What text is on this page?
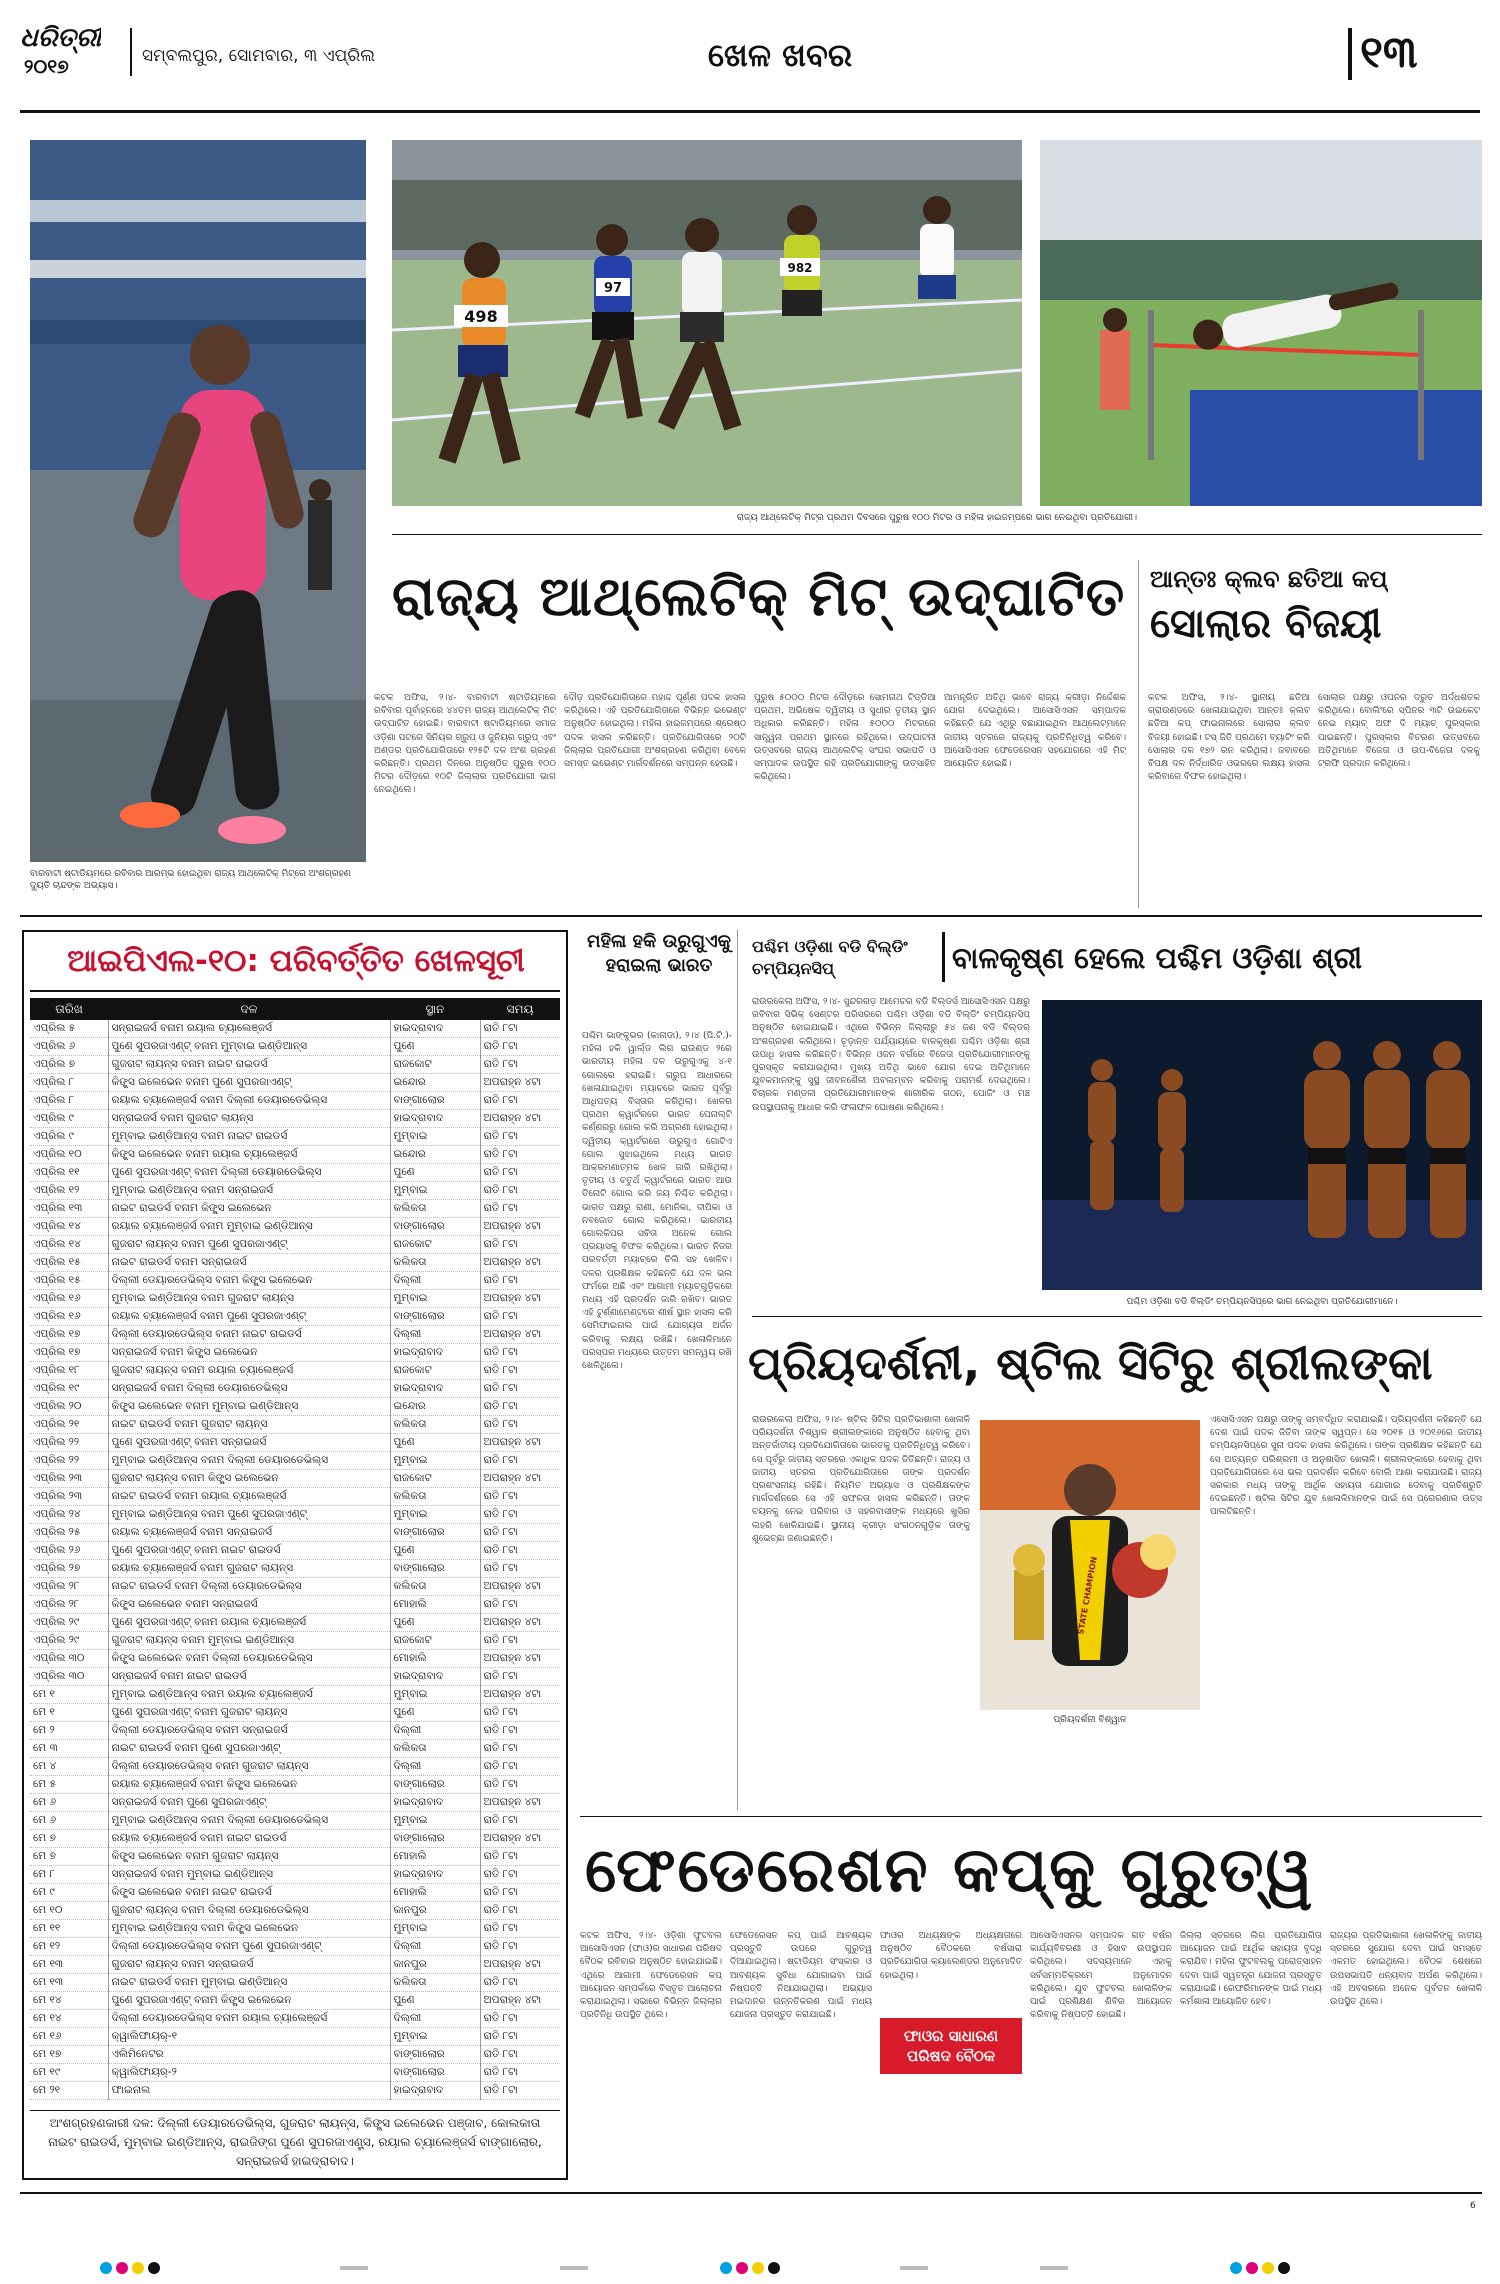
ଧରିତ୍ରୀ
୨୦୧୭	ସମ୍ବଲପୁର, ସୋମବାର, ୩ ଏପ୍ରିଲ	ଖେଳ ଖବର	୧୩
ବାରବାଟୀ ଷ୍ଟାଡିୟମରେ ରବିବାର ଆରମ୍ଭ ହୋଇଥିବା ରାଜ୍ୟ ଆଥ୍ଲେଟିକ୍ ମିଟ୍‌ରେ ଅଂଶଗ୍ରହଣ ଦ୍ୟୁତି ଚାନ୍ଦଙ୍କ ଅଭ୍ୟାସ।
498
97
982
ରାଜ୍ୟ ଆଥ୍ଲେଟିକ୍ ମିଟ୍‌ର ପ୍ରଥମ ଦିବସରେ ପୁରୁଷ ୧୦୦ ମିଟର ଓ ମହିଳା ହାଇଜମ୍ପରେ ଭାଗ ନେଇଥିବା ପ୍ରତିଯୋଗୀ।
ରାଜ୍ୟ ଆଥ୍ଲେଟିକ୍ ମିଟ୍ ଉଦ୍‌ଘାଟିତ
କଟକ ଅଫିସ, ୨।୪- ବାରବାଟୀ ଷ୍ଟାଡିୟମରେ ରବିବାର ପୂର୍ବାହ୍ନରେ ୪୪ତମ ରାଜ୍ୟ ଆଥ୍ଲେଟିକ୍ ମିଟ୍ ଉଦ୍‌ଘାଟିତ ହୋଇଛି। ବାରବାଟୀ ଷ୍ଟାଡିୟମରେ ସମାଜ ଓଡ଼ିଶା ପଟରେ ସିନିୟର ଗ୍ରୁପ୍ ଓ ଜୁନିୟର ଗ୍ରୁପ୍ ଏବଂ ଅଣ୍ଡର ପ୍ରତିଯୋଗିତାରେ ୧୨୫ଟି ଦଳ ଅଂଶ ଗ୍ରହଣ କରିଛନ୍ତି। ପ୍ରଥମ ଦିନରେ ଅନୁଷ୍ଠିତ ପୁରୁଷ ୧୦୦ ମିଟର ଦୌଡ଼ରେ ୧୦ଟି ଜିଲ୍ଲାର ପ୍ରତିଯୋଗୀ ଭାଗ ନେଇଥିଲେ।
ଦୌଡ଼ ପ୍ରତିଯୋଗିତାରେ ମହାଦ୍ଦ ପୂର୍ଣ୍ଣ ପଦକ ହାସଲ କରିଥିଲେ। ଏହି ପ୍ରତିଯୋଗିତାରେ ବିଭିନ୍ନ ଇଭେଣ୍ଟ ଅନୁଷ୍ଠିତ ହୋଇଥିଲା। ମହିଳା ହାଇଜମ୍ପରେ ଶ୍ରେଷ୍ଠ ପଦକ ହାସଲ କରିଛନ୍ତି। ପ୍ରତିଯୋଗିତାରେ ୨୦ଟି ଜିଲ୍ଲାର ପ୍ରତିଯୋଗୀ ଅଂଶଗ୍ରହଣ କରିଥିବା ବେଳେ ସମସ୍ତ ଇଭେଣ୍ଟ ମାର୍ଗଦର୍ଶନରେ ସମ୍ପନ୍ନ ହେଉଛି।
ପୁରୁଷ ୫୦୦୦ ମିଟର ଦୌଡ଼ରେ ସୋମନାଥ ଟିଡ୍ଡିଆ ପ୍ରଥମ, ଅଭିଷେକ ଦ୍ୱିତୀୟ ଓ ସୁଧୀର ତୃତୀୟ ସ୍ଥାନ ଅଧିକାର କରିଛନ୍ତି। ମହିଳା ୫୦୦୦ ମିଟରରେ ସାନ୍ତ୍ୱନା ପ୍ରଥମ ସ୍ଥାନରେ ରହିଥିଲେ। ଉଦ୍‌ଘାଟନୀ ଉତ୍ସବରେ ରାଜ୍ୟ ଆଥ୍ଲେଟିକ୍ ସଂଘର ସଭାପତି ଓ ସମ୍ପାଦକ ଉପସ୍ଥିତ ରହି ପ୍ରତିଯୋଗୀଙ୍କୁ ଉତ୍ସାହିତ କରିଥିଲେ।
ଆମନ୍ତ୍ରିତ ଅତିଥି ଭାବେ ରାଜ୍ୟ କ୍ରୀଡ଼ା ନିର୍ଦ୍ଦେଶକ ଯୋଗ ଦେଇଥିଲେ। ଆସୋସିଏସନ ସମ୍ପାଦକ କହିଛନ୍ତି ଯେ ଏଥିରୁ ବଛାଯାଇଥିବା ଆଥ୍ଲେଟ୍‌ମାନେ ଜାତୀୟ ସ୍ତରରେ ରାଜ୍ୟକୁ ପ୍ରତିନିଧିତ୍ୱ କରିବେ। ଆସୋସିଏସନ ଫେଡେରେସନ ସହଯୋଗରେ ଏହି ମିଟ୍ ଆୟୋଜିତ ହୋଇଛି।
ଆନ୍ତଃ କ୍ଲବ ଛତିଆ କପ୍
ସୋଲାର ବିଜୟୀ
କଟକ ଅଫିସ, ୨।୪- ସ୍ଥାନୀୟ ଛତିଆ ଗ୍ରାଉଣ୍ଡରେ ଖେଳାଯାଇଥିବା ଆନ୍ତଃ କ୍ଲବ ଛତିଆ କପ୍ ଫାଇନାଲରେ ସୋଲାର କ୍ଲବ ବିଜୟୀ ହୋଇଛି। ଟସ୍ ଜିତି ପ୍ରଥମେ ବ୍ୟାଟିଂ କରି ସୋଲାର ଦଳ ୧୭୨ ରନ କରିଥିଲା। ଜବାବରେ ବିପକ୍ଷ ଦଳ ନିର୍ଦ୍ଧାରିତ ଓଭରରେ ଲକ୍ଷ୍ୟ ହାସଲ କରିବାରେ ବିଫଳ ହୋଇଥିଲା।
ସୋଲାର ପକ୍ଷରୁ ଓପନର ଦ୍ରୁତ ଅର୍ଦ୍ଧଶତକ କରିଥିଲେ। ବୋଲିଂରେ ସ୍ପିନର ୩ଟି ଉଇକେଟ ନେଇ ମ୍ୟାଚ୍ ଅଫ ଦି ମ୍ୟାଚ୍ ପୁରସ୍କାର ପାଇଛନ୍ତି। ପୁରସ୍କାର ବିତରଣ ଉତ୍ସବରେ ଅତିଥିମାନେ ବିଜେତା ଓ ଉପ-ବିଜେତା ଦଳକୁ ଟ୍ରଫି ପ୍ରଦାନ କରିଥିଲେ।
ଆଇପିଏଲ-୧୦: ପରିବର୍ତ୍ତିତ ଖେଳସୂଚୀ
ତାରିଖ	ଦଳ	ସ୍ଥାନ	ସମୟ
ଏପ୍ରିଲ ୫	ସନ୍‌ରାଇଜର୍ସ ବନାମ ରୟାଲ ଚ୍ୟାଲେଞ୍ଜର୍ସ	ହାଇଦ୍ରାବାଦ	ରାତି ୮ଟା
ଏପ୍ରିଲ ୬	ପୁଣେ ସୁପରଜାଏଣ୍ଟ୍ ବନାମ ମୁମ୍ବାଇ ଇଣ୍ଡିଆନ୍ସ	ପୁଣେ	ରାତି ୮ଟା
ଏପ୍ରିଲ ୭	ଗୁଜରାଟ ଲାୟନ୍ସ ବନାମ ନାଇଟ ରାଇଡର୍ସ	ରାଜକୋଟ	ରାତି ୮ଟା
ଏପ୍ରିଲ ୮	କିଙ୍ଗ୍ସ ଇଲେଭେନ ବନାମ ପୁଣେ ସୁପରଜାଏଣ୍ଟ୍	ଇନ୍ଦୋର	ଅପରାହ୍ନ ୪ଟା
ଏପ୍ରିଲ ୮	ରୟାଲ ଚ୍ୟାଲେଞ୍ଜର୍ସ ବନାମ ଦିଲ୍ଲୀ ଡେୟାରଡେଭିଲ୍ସ	ବାଙ୍ଗାଲୋର	ରାତି ୮ଟା
ଏପ୍ରିଲ ୯	ସନ୍‌ରାଇଜର୍ସ ବନାମ ଗୁଜରାଟ ଲାୟନ୍ସ	ହାଇଦ୍ରାବାଦ	ଅପରାହ୍ନ ୪ଟା
ଏପ୍ରିଲ ୯	ମୁମ୍ବାଇ ଇଣ୍ଡିଆନ୍ସ ବନାମ ନାଇଟ ରାଇଡର୍ସ	ମୁମ୍ବାଇ	ରାତି ୮ଟା
ଏପ୍ରିଲ ୧୦	କିଙ୍ଗ୍ସ ଇଲେଭେନ ବନାମ ରୟାଲ ଚ୍ୟାଲେଞ୍ଜର୍ସ	ଇନ୍ଦୋର	ରାତି ୮ଟା
ଏପ୍ରିଲ ୧୧	ପୁଣେ ସୁପରଜାଏଣ୍ଟ୍ ବନାମ ଦିଲ୍ଲୀ ଡେୟାରଡେଭିଲ୍ସ	ପୁଣେ	ରାତି ୮ଟା
ଏପ୍ରିଲ ୧୨	ମୁମ୍ବାଇ ଇଣ୍ଡିଆନ୍ସ ବନାମ ସନ୍‌ରାଇଜର୍ସ	ମୁମ୍ବାଇ	ରାତି ୮ଟା
ଏପ୍ରିଲ ୧୩	ନାଇଟ ରାଇଡର୍ସ ବନାମ କିଙ୍ଗ୍ସ ଇଲେଭେନ	କଲିକତା	ରାତି ୮ଟା
ଏପ୍ରିଲ ୧୪	ରୟାଲ ଚ୍ୟାଲେଞ୍ଜର୍ସ ବନାମ ମୁମ୍ବାଇ ଇଣ୍ଡିଆନ୍ସ	ବାଙ୍ଗାଲୋର	ଅପରାହ୍ନ ୪ଟା
ଏପ୍ରିଲ ୧୪	ଗୁଜରାଟ ଲାୟନ୍ସ ବନାମ ପୁଣେ ସୁପରଜାଏଣ୍ଟ୍	ରାଜକୋଟ	ରାତି ୮ଟା
ଏପ୍ରିଲ ୧୫	ନାଇଟ ରାଇଡର୍ସ ବନାମ ସନ୍‌ରାଇଜର୍ସ	କଲିକତା	ଅପରାହ୍ନ ୪ଟା
ଏପ୍ରିଲ ୧୫	ଦିଲ୍ଲୀ ଡେୟାରଡେଭିଲ୍ସ ବନାମ କିଙ୍ଗ୍ସ ଇଲେଭେନ	ଦିଲ୍ଲୀ	ରାତି ୮ଟା
ଏପ୍ରିଲ ୧୬	ମୁମ୍ବାଇ ଇଣ୍ଡିଆନ୍ସ ବନାମ ଗୁଜରାଟ ଲାୟନ୍ସ	ମୁମ୍ବାଇ	ଅପରାହ୍ନ ୪ଟା
ଏପ୍ରିଲ ୧୬	ରୟାଲ ଚ୍ୟାଲେଞ୍ଜର୍ସ ବନାମ ପୁଣେ ସୁପରଜାଏଣ୍ଟ୍	ବାଙ୍ଗାଲୋର	ରାତି ୮ଟା
ଏପ୍ରିଲ ୧୭	ଦିଲ୍ଲୀ ଡେୟାରଡେଭିଲ୍ସ ବନାମ ନାଇଟ ରାଇଡର୍ସ	ଦିଲ୍ଲୀ	ଅପରାହ୍ନ ୪ଟା
ଏପ୍ରିଲ ୧୭	ସନ୍‌ରାଇଜର୍ସ ବନାମ କିଙ୍ଗ୍ସ ଇଲେଭେନ	ହାଇଦ୍ରାବାଦ	ରାତି ୮ଟା
ଏପ୍ରିଲ ୧୮	ଗୁଜରାଟ ଲାୟନ୍ସ ବନାମ ରୟାଲ ଚ୍ୟାଲେଞ୍ଜର୍ସ	ରାଜକୋଟ	ରାତି ୮ଟା
ଏପ୍ରିଲ ୧୯	ସନ୍‌ରାଇଜର୍ସ ବନାମ ଦିଲ୍ଲୀ ଡେୟାରଡେଭିଲ୍ସ	ହାଇଦ୍ରାବାଦ	ରାତି ୮ଟା
ଏପ୍ରିଲ ୨୦	କିଙ୍ଗ୍ସ ଇଲେଭେନ ବନାମ ମୁମ୍ବାଇ ଇଣ୍ଡିଆନ୍ସ	ଇନ୍ଦୋର	ରାତି ୮ଟା
ଏପ୍ରିଲ ୨୧	ନାଇଟ ରାଇଡର୍ସ ବନାମ ଗୁଜରାଟ ଲାୟନ୍ସ	କଲିକତା	ରାତି ୮ଟା
ଏପ୍ରିଲ ୨୨	ପୁଣେ ସୁପରଜାଏଣ୍ଟ୍ ବନାମ ସନ୍‌ରାଇଜର୍ସ	ପୁଣେ	ଅପରାହ୍ନ ୪ଟା
ଏପ୍ରିଲ ୨୨	ମୁମ୍ବାଇ ଇଣ୍ଡିଆନ୍ସ ବନାମ ଦିଲ୍ଲୀ ଡେୟାରଡେଭିଲ୍ସ	ମୁମ୍ବାଇ	ରାତି ୮ଟା
ଏପ୍ରିଲ ୨୩	ଗୁଜରାଟ ଲାୟନ୍ସ ବନାମ କିଙ୍ଗ୍ସ ଇଲେଭେନ	ରାଜକୋଟ	ଅପରାହ୍ନ ୪ଟା
ଏପ୍ରିଲ ୨୩	ନାଇଟ ରାଇଡର୍ସ ବନାମ ରୟାଲ ଚ୍ୟାଲେଞ୍ଜର୍ସ	କଲିକତା	ରାତି ୮ଟା
ଏପ୍ରିଲ ୨୪	ମୁମ୍ବାଇ ଇଣ୍ଡିଆନ୍ସ ବନାମ ପୁଣେ ସୁପରଜାଏଣ୍ଟ୍	ମୁମ୍ବାଇ	ରାତି ୮ଟା
ଏପ୍ରିଲ ୨୫	ରୟାଲ ଚ୍ୟାଲେଞ୍ଜର୍ସ ବନାମ ସନ୍‌ରାଇଜର୍ସ	ବାଙ୍ଗାଲୋର	ରାତି ୮ଟା
ଏପ୍ରିଲ ୨୬	ପୁଣେ ସୁପରଜାଏଣ୍ଟ୍ ବନାମ ନାଇଟ ରାଇଡର୍ସ	ପୁଣେ	ରାତି ୮ଟା
ଏପ୍ରିଲ ୨୭	ରୟାଲ ଚ୍ୟାଲେଞ୍ଜର୍ସ ବନାମ ଗୁଜରାଟ ଲାୟନ୍ସ	ବାଙ୍ଗାଲୋର	ରାତି ୮ଟା
ଏପ୍ରିଲ ୨୮	ନାଇଟ ରାଇଡର୍ସ ବନାମ ଦିଲ୍ଲୀ ଡେୟାରଡେଭିଲ୍ସ	କଲିକତା	ଅପରାହ୍ନ ୪ଟା
ଏପ୍ରିଲ ୨୮	କିଙ୍ଗ୍ସ ଇଲେଭେନ ବନାମ ସନ୍‌ରାଇଜର୍ସ	ମୋହାଲି	ରାତି ୮ଟା
ଏପ୍ରିଲ ୨୯	ପୁଣେ ସୁପରଜାଏଣ୍ଟ୍ ବନାମ ରୟାଲ ଚ୍ୟାଲେଞ୍ଜର୍ସ	ପୁଣେ	ଅପରାହ୍ନ ୪ଟା
ଏପ୍ରିଲ ୨୯	ଗୁଜରାଟ ଲାୟନ୍ସ ବନାମ ମୁମ୍ବାଇ ଇଣ୍ଡିଆନ୍ସ	ରାଜକୋଟ	ରାତି ୮ଟା
ଏପ୍ରିଲ ୩୦	କିଙ୍ଗ୍ସ ଇଲେଭେନ ବନାମ ଦିଲ୍ଲୀ ଡେୟାରଡେଭିଲ୍ସ	ମୋହାଲି	ଅପରାହ୍ନ ୪ଟା
ଏପ୍ରିଲ ୩୦	ସନ୍‌ରାଇଜର୍ସ ବନାମ ନାଇଟ ରାଇଡର୍ସ	ହାଇଦ୍ରାବାଦ	ରାତି ୮ଟା
ମେ ୧	ମୁମ୍ବାଇ ଇଣ୍ଡିଆନ୍ସ ବନାମ ରୟାଲ ଚ୍ୟାଲେଞ୍ଜର୍ସ	ମୁମ୍ବାଇ	ଅପରାହ୍ନ ୪ଟା
ମେ ୧	ପୁଣେ ସୁପରଜାଏଣ୍ଟ୍ ବନାମ ଗୁଜରାଟ ଲାୟନ୍ସ	ପୁଣେ	ରାତି ୮ଟା
ମେ ୨	ଦିଲ୍ଲୀ ଡେୟାରଡେଭିଲ୍ସ ବନାମ ସନ୍‌ରାଇଜର୍ସ	ଦିଲ୍ଲୀ	ରାତି ୮ଟା
ମେ ୩	ନାଇଟ ରାଇଡର୍ସ ବନାମ ପୁଣେ ସୁପରଜାଏଣ୍ଟ୍	କଲିକତା	ରାତି ୮ଟା
ମେ ୪	ଦିଲ୍ଲୀ ଡେୟାରଡେଭିଲ୍ସ ବନାମ ଗୁଜରାଟ ଲାୟନ୍ସ	ଦିଲ୍ଲୀ	ରାତି ୮ଟା
ମେ ୫	ରୟାଲ ଚ୍ୟାଲେଞ୍ଜର୍ସ ବନାମ କିଙ୍ଗ୍ସ ଇଲେଭେନ	ବାଙ୍ଗାଲୋର	ରାତି ୮ଟା
ମେ ୬	ସନ୍‌ରାଇଜର୍ସ ବନାମ ପୁଣେ ସୁପରଜାଏଣ୍ଟ୍	ହାଇଦ୍ରାବାଦ	ଅପରାହ୍ନ ୪ଟା
ମେ ୬	ମୁମ୍ବାଇ ଇଣ୍ଡିଆନ୍ସ ବନାମ ଦିଲ୍ଲୀ ଡେୟାରଡେଭିଲ୍ସ	ମୁମ୍ବାଇ	ରାତି ୮ଟା
ମେ ୭	ରୟାଲ ଚ୍ୟାଲେଞ୍ଜର୍ସ ବନାମ ନାଇଟ ରାଇଡର୍ସ	ବାଙ୍ଗାଲୋର	ଅପରାହ୍ନ ୪ଟା
ମେ ୭	କିଙ୍ଗ୍ସ ଇଲେଭେନ ବନାମ ଗୁଜରାଟ ଲାୟନ୍ସ	ମୋହାଲି	ରାତି ୮ଟା
ମେ ୮	ସନ୍‌ରାଇଜର୍ସ ବନାମ ମୁମ୍ବାଇ ଇଣ୍ଡିଆନ୍ସ	ହାଇଦ୍ରାବାଦ	ରାତି ୮ଟା
ମେ ୯	କିଙ୍ଗ୍ସ ଇଲେଭେନ ବନାମ ନାଇଟ ରାଇଡର୍ସ	ମୋହାଲି	ରାତି ୮ଟା
ମେ ୧୦	ଗୁଜରାଟ ଲାୟନ୍ସ ବନାମ ଦିଲ୍ଲୀ ଡେୟାରଡେଭିଲ୍ସ	କାନପୁର	ରାତି ୮ଟା
ମେ ୧୧	ମୁମ୍ବାଇ ଇଣ୍ଡିଆନ୍ସ ବନାମ କିଙ୍ଗ୍ସ ଇଲେଭେନ	ମୁମ୍ବାଇ	ରାତି ୮ଟା
ମେ ୧୨	ଦିଲ୍ଲୀ ଡେୟାରଡେଭିଲ୍ସ ବନାମ ପୁଣେ ସୁପରଜାଏଣ୍ଟ୍	ଦିଲ୍ଲୀ	ରାତି ୮ଟା
ମେ ୧୩	ଗୁଜରାଟ ଲାୟନ୍ସ ବନାମ ସନ୍‌ରାଇଜର୍ସ	କାନପୁର	ଅପରାହ୍ନ ୪ଟା
ମେ ୧୩	ନାଇଟ ରାଇଡର୍ସ ବନାମ ମୁମ୍ବାଇ ଇଣ୍ଡିଆନ୍ସ	କଲିକତା	ରାତି ୮ଟା
ମେ ୧୪	ପୁଣେ ସୁପରଜାଏଣ୍ଟ୍ ବନାମ କିଙ୍ଗ୍ସ ଇଲେଭେନ	ପୁଣେ	ଅପରାହ୍ନ ୪ଟା
ମେ ୧୪	ଦିଲ୍ଲୀ ଡେୟାରଡେଭିଲ୍ସ ବନାମ ରୟାଲ ଚ୍ୟାଲେଞ୍ଜର୍ସ	ଦିଲ୍ଲୀ	ରାତି ୮ଟା
ମେ ୧୬	କ୍ୱାଲିଫାୟର୍-୧	ମୁମ୍ବାଇ	ରାତି ୮ଟା
ମେ ୧୭	ଏଲିମିନେଟର	ବାଙ୍ଗାଲୋର	ରାତି ୮ଟା
ମେ ୧୯	କ୍ୱାଲିଫାୟର୍-୨	ବାଙ୍ଗାଲୋର	ରାତି ୮ଟା
ମେ ୨୧	ଫାଇନାଲ	ହାଇଦ୍ରାବାଦ	ରାତି ୮ଟା
ଅଂଶଗ୍ରହଣକାରୀ ଦଳ: ଦିଲ୍ଲୀ ଡେୟାରଡେଭିଲ୍ସ, ଗୁଜରାଟ ଲାୟନ୍ସ, କିଙ୍ଗ୍ସ ଇଲେଭେନ ପଞ୍ଜାବ, କୋଲକାତା ନାଇଟ ରାଇଡର୍ସ, ମୁମ୍ବାଇ ଇଣ୍ଡିଆନ୍ସ, ରାଇଜିଙ୍ଗ ପୁଣେ ସୁପରଜାଏଣ୍ଟ୍ସ, ରୟାଲ ଚ୍ୟାଲେଞ୍ଜର୍ସ ବାଙ୍ଗାଲୋର, ସନ୍‌ରାଇଜର୍ସ ହାଇଦ୍ରାବାଦ।
ମହିଳା ହକି ଉରୁଗୁଏକୁ ହରାଇଲା ଭାରତ
ପଶ୍ଚିମ ଭାଙ୍କୁଭର (କାନାଡା), ୨।୪ (ପି.ଟି.)- ମହିଳା ହକି ୱାର୍ଲ୍ଡ ଲିଗ ରାଉଣ୍ଡ ୨ରେ ଭାରତୀୟ ମହିଳା ଦଳ ଉରୁଗୁଏକୁ ୪-୧ ଗୋଲରେ ହରାଇଛି। ଗ୍ରୁପ ଆଧାରରେ ଖେଳାଯାଇଥିବା ମ୍ୟାଚରେ ଭାରତ ପୂର୍ବରୁ ଆଧିପତ୍ୟ ବିସ୍ତାର କରିଥିଲା। ଖେଳର ପ୍ରଥମ କ୍ୱାର୍ଟରରେ ଭାରତ ପେନାଲ୍ଟି କର୍ଣ୍ଣରରୁ ଗୋଲ କରି ଅଗ୍ରଣୀ ହୋଇଥିଲା। ଦ୍ୱିତୀୟ କ୍ୱାର୍ଟରରେ ଉରୁଗୁଏ ଗୋଟିଏ ଗୋଲ ସୁଝାଇଥିଲେ ମଧ୍ୟ ଭାରତ ଆକ୍ରମଣାତ୍ମକ ଖେଳ ଜାରି ରଖିଥିଲା। ତୃତୀୟ ଓ ଚତୁର୍ଥ କ୍ୱାର୍ଟରରେ ଭାରତ ଆଉ ତିନୋଟି ଗୋଲ କରି ଜୟ ନିଶ୍ଚିତ କରିଥିଲା। ଭାରତ ପକ୍ଷରୁ ରାଣୀ, ମୋନିକା, ଦୀପିକା ଓ ନବଜୋତ ଗୋଲ କରିଥିଲେ। ଭାରତୀୟ ଗୋଲକିପର ସବିତା ଅନେକ ଗୋଲ ପ୍ରୟାସକୁ ବିଫଳ କରିଥିଲେ। ଭାରତ ନିଜର ପରବର୍ତ୍ତୀ ମ୍ୟାଚ୍‌ରେ ଚିଲି ସହ ଖେଳିବ। ଦଳର ପ୍ରଶିକ୍ଷକ କହିଛନ୍ତି ଯେ ଦଳ ଭଲ ଫର୍ମରେ ଅଛି ଏବଂ ଆଗାମୀ ମ୍ୟାଚ୍‌ଗୁଡ଼ିକରେ ମଧ୍ୟ ଏହି ପ୍ରଦର୍ଶନ ଜାରି ରଖିବ। ଭାରତ ଏହି ଟୁର୍ଣ୍ଣାମେଣ୍ଟରେ ଶୀର୍ଷ ସ୍ଥାନ ହାସଲ କରି ସେମିଫାଇନାଲ ପାଇଁ ଯୋଗ୍ୟତା ଅର୍ଜନ କରିବାକୁ ଲକ୍ଷ୍ୟ ରଖିଛି। ଖେଳାଳିମାନେ ପରସ୍ପର ମଧ୍ୟରେ ଉତ୍ତମ ସମନ୍ୱୟ ରଖି ଖେଳିଥିଲେ।
ପଶ୍ଚିମ ଓଡ଼ିଶା ବଡି ବିଲ୍ଡିଂ ଚମ୍ପିୟନସିପ୍	ବାଳକୃଷ୍ଣ ହେଲେ ପଶ୍ଚିମ ଓଡ଼ିଶା ଶ୍ରୀ
ରାଉରକେଲା ଅଫିସ, ୨।୪- ସୁନ୍ଦରଗଡ଼ ଆମେଚର ବଡି ବିଲ୍ଡର୍ସ ଆସୋସିଏସନ ପକ୍ଷରୁ ରବିବାର ସିଭିକ୍ ସେଣ୍ଟର ପରିସରରେ ପଶ୍ଚିମ ଓଡ଼ିଶା ବଡି ବିଲ୍ଡିଂ ଚମ୍ପିୟନସିପ୍ ଅନୁଷ୍ଠିତ ହୋଇଯାଇଛି। ଏଥିରେ ବିଭିନ୍ନ ଜିଲ୍ଲାରୁ ୫୪ ଜଣ ବଡି ବିଲ୍ଡର୍ ଅଂଶଗ୍ରହଣ କରିଥିଲେ। ଚୂଡ଼ାନ୍ତ ପର୍ଯ୍ୟାୟରେ ବାଳକୃଷ୍ଣ ପଶ୍ଚିମ ଓଡ଼ିଶା ଶ୍ରୀ ଉପାଧି ହାସଲ କରିଛନ୍ତି। ବିଭିନ୍ନ ଓଜନ ବର୍ଗରେ ବିଜେତା ପ୍ରତିଯୋଗୀମାନଙ୍କୁ ପୁରସ୍କୃତ କରାଯାଇଥିଲା। ମୁଖ୍ୟ ଅତିଥି ଭାବେ ଯୋଗ ଦେଇ ଅତିଥିମାନେ ଯୁବକମାନଙ୍କୁ ସୁସ୍ଥ ଜୀବନଶୈଳୀ ଅବଲମ୍ବନ କରିବାକୁ ପରାମର୍ଶ ଦେଇଥିଲେ। ବିଚାରକ ମଣ୍ଡଳୀ ପ୍ରତିଯୋଗୀମାନଙ୍କ ଶାରୀରିକ ଗଠନ, ପୋଜିଂ ଓ ମଞ୍ଚ ଉପସ୍ଥାପନାକୁ ଆଧାର କରି ଫଳାଫଳ ଘୋଷଣା କରିଥିଲେ।
ପଶ୍ଚିମ ଓଡ଼ିଶା ବଡି ବିଲ୍ଡିଂ ଚମ୍ପିୟନସିପ୍‌ରେ ଭାଗ ନେଇଥିବା ପ୍ରତିଯୋଗୀମାନେ।
ପ୍ରିୟଦର୍ଶନୀ, ଷ୍ଟିଲ ସିଟିରୁ ଶ୍ରୀଲଙ୍କା
ରାଉରକେଲା ଅଫିସ, ୨।୪- ଷ୍ଟିଲ ସିଟିର ପ୍ରତିଭାଶାଳୀ ଖେଳାଳି ପ୍ରିୟଦର୍ଶନୀ ବିଶ୍ୱାଳ ଶ୍ରୀଲଙ୍କାରେ ଅନୁଷ୍ଠିତ ହେବାକୁ ଥିବା ଅନ୍ତର୍ଜାତୀୟ ପ୍ରତିଯୋଗିତାରେ ଭାରତକୁ ପ୍ରତିନିଧିତ୍ୱ କରିବେ। ସେ ପୂର୍ବରୁ ଜାତୀୟ ସ୍ତରରେ ଏକାଧିକ ପଦକ ଜିତିଛନ୍ତି। ରାଜ୍ୟ ଓ ଜାତୀୟ ସ୍ତରର ପ୍ରତିଯୋଗିତାରେ ତାଙ୍କ ପ୍ରଦର୍ଶନ ପ୍ରଶଂସନୀୟ ରହିଛି। ନିୟମିତ ଅଭ୍ୟାସ ଓ ପ୍ରଶିକ୍ଷକଙ୍କ ମାର୍ଗଦର୍ଶନରେ ସେ ଏହି ସଫଳତା ହାସଲ କରିଛନ୍ତି। ତାଙ୍କ ଚୟନକୁ ନେଇ ପରିବାର ଓ ସହରବାସୀଙ୍କ ମଧ୍ୟରେ ଖୁସିର ଲହରି ଖେଳିଯାଇଛି। ସ୍ଥାନୀୟ କ୍ରୀଡ଼ା ସଂଗଠନଗୁଡ଼ିକ ତାଙ୍କୁ ଶୁଭେଚ୍ଛା ଜଣାଇଛନ୍ତି।
STATE CHAMPION
ପ୍ରିୟଦର୍ଶନୀ ବିଶ୍ୱାଳ
ଏସୋସିଏସନ ପକ୍ଷରୁ ତାଙ୍କୁ ସମ୍ବର୍ଦ୍ଧିତ କରାଯାଇଛି। ପ୍ରିୟଦର୍ଶନୀ କହିଛନ୍ତି ଯେ ଦେଶ ପାଇଁ ପଦକ ଜିତିବା ତାଙ୍କ ସ୍ୱପ୍ନ। ସେ ୨୦୧୫ ଓ ୨୦୧୬ରେ ଜାତୀୟ ଚମ୍ପିୟନସିପ୍‌ରେ ସୁନା ପଦକ ହାସଲ କରିଥିଲେ। ତାଙ୍କ ପ୍ରଶିକ୍ଷକ କହିଛନ୍ତି ଯେ ସେ ଅତ୍ୟନ୍ତ ପରିଶ୍ରମୀ ଓ ଅନୁଶାସିତ ଖେଳାଳି। ଶ୍ରୀଲଙ୍କାରେ ହେବାକୁ ଥିବା ପ୍ରତିଯୋଗିତାରେ ସେ ଭଲ ପ୍ରଦର୍ଶନ କରିବେ ବୋଲି ଆଶା କରାଯାଉଛି। ରାଜ୍ୟ ସରକାର ମଧ୍ୟ ତାଙ୍କୁ ଆର୍ଥିକ ସହାୟତା ଯୋଗାଇ ଦେବାକୁ ପ୍ରତିଶ୍ରୁତି ଦେଇଛନ୍ତି। ଷ୍ଟିଲ ସିଟିର ଯୁବ ଖେଳାଳିମାନଙ୍କ ପାଇଁ ସେ ପ୍ରେରଣାର ଉତ୍ସ ପାଲଟିଛନ୍ତି।
ଫେଡେରେଶନ କପ୍‌କୁ ଗୁରୁତ୍ୱ
କଟକ ଅଫିସ, ୨।୪- ଓଡ଼ିଶା ଫୁଟବଲ ଆସୋସିଏସନ (ଫାଓ)ର ସାଧାରଣ ପରିଷଦ ବୈଠକ ରବିବାର ଅନୁଷ୍ଠିତ ହୋଇଯାଇଛି। ଏଥିରେ ଆଗାମୀ ଫେଡେରେସନ କପ୍ ଆୟୋଜନ ସମ୍ପର୍କରେ ବିସ୍ତୃତ ଆଲୋଚନା କରାଯାଇଥିଲା। ସଭାରେ ବିଭିନ୍ନ ଜିଲ୍ଲାର ପ୍ରତିନିଧି ଉପସ୍ଥିତ ଥିଲେ।
ଫେଡେରେସନ କପ୍ ପାଇଁ ଆବଶ୍ୟକ ପ୍ରସ୍ତୁତି ଉପରେ ଗୁରୁତ୍ୱ ଦିଆଯାଇଥିଲା। ଷ୍ଟାଡିୟମ ସଂସ୍କାର ଓ ଆବଶ୍ୟକ ସୁବିଧା ଯୋଗାଇବା ପାଇଁ ନିଷ୍ପତ୍ତି ନିଆଯାଇଥିଲା। ଅଭ୍ୟାସ ମଇଦାନର ଉନ୍ନତିକରଣ ପାଇଁ ମଧ୍ୟ ଯୋଜନା ପ୍ରସ୍ତୁତ କରାଯାଇଛି।
ଫାଓର ଅଧ୍ୟକ୍ଷଙ୍କ ଅଧ୍ୟକ୍ଷତାରେ ଅନୁଷ୍ଠିତ ବୈଠକରେ ବର୍ଷସାରା ପ୍ରତିଯୋଗିତା କ୍ୟାଲେଣ୍ଡର ଅନୁମୋଦିତ ହୋଇଥିଲା।
ଫାଓର ସାଧାରଣ ପରିଷଦ ବୈଠକ
ଆସୋସିଏସନର ସମ୍ପାଦକ ଗତ ବର୍ଷର କାର୍ଯ୍ୟବିବରଣୀ ଓ ହିସାବ ଉପସ୍ଥାପନ କରିଥିଲେ। ସଦସ୍ୟମାନେ ଏହାକୁ ସର୍ବସମ୍ମତିକ୍ରମେ ଅନୁମୋଦନ କରିଥିଲେ। ଯୁବ ଫୁଟବଲ ଖେଳାଳିଙ୍କ ପାଇଁ ପ୍ରଶିକ୍ଷଣ ଶିବିର ଆୟୋଜନ କରିବାକୁ ନିଷ୍ପତ୍ତି ହୋଇଛି।
ଜିଲ୍ଲା ସ୍ତରରେ ଲିଗ ପ୍ରତିଯୋଗିତା ଆୟୋଜନ ପାଇଁ ଆର୍ଥିକ ସହାୟତା ବୃଦ୍ଧି କରାଯିବ। ମହିଳା ଫୁଟବଲକୁ ପ୍ରୋତ୍ସାହନ ଦେବା ପାଇଁ ସ୍ୱତନ୍ତ୍ର ଯୋଜନା ପ୍ରସ୍ତୁତ କରାଯାଇଛି। ରେଫରିମାନଙ୍କ ପାଇଁ ମଧ୍ୟ କର୍ମଶାଳା ଆୟୋଜିତ ହେବ।
ରାଜ୍ୟର ପ୍ରତିଭାଶାଳୀ ଖେଳାଳିଙ୍କୁ ଜାତୀୟ ସ୍ତରରେ ସୁଯୋଗ ଦେବା ପାଇଁ ସମସ୍ତେ ଏକମତ ହୋଇଥିଲେ। ବୈଠକ ଶେଷରେ ଉପସଭାପତି ଧନ୍ୟବାଦ ଅର୍ପଣ କରିଥିଲେ। ଏହି ଅବସରରେ ଅନେକ ପୂର୍ବତନ ଖେଳାଳି ଉପସ୍ଥିତ ଥିଲେ।
6
